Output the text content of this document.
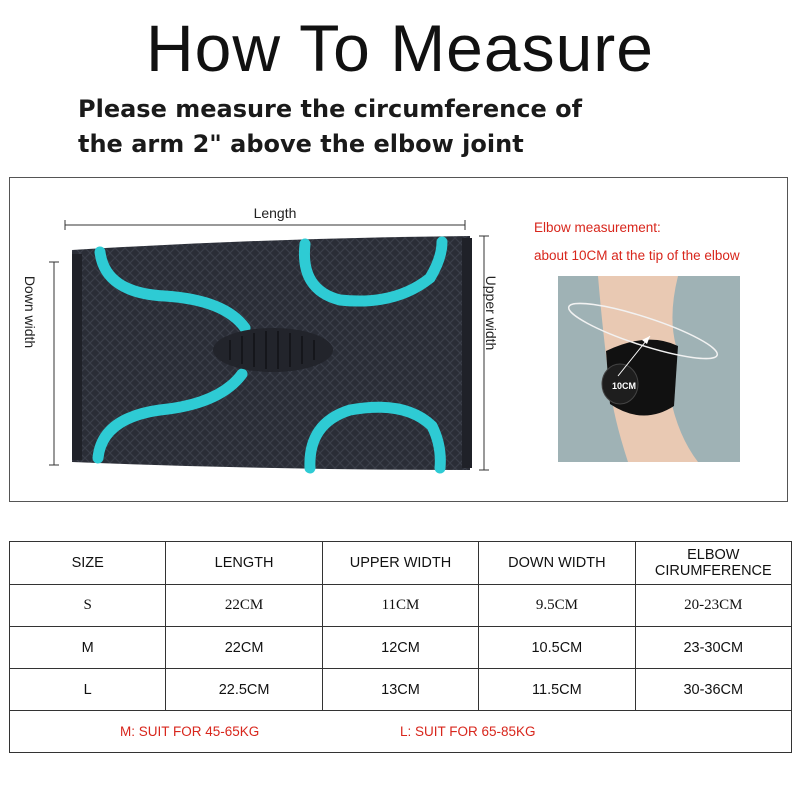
How To Measure
Please measure the circumference of
the arm 2" above the elbow joint
Length
Down width	Upper width
Elbow measurement:
about 10CM at the tip of the elbow
10CM
SIZE	LENGTH	UPPER WIDTH	DOWN WIDTH	ELBOW CIRUMFERENCE
S	22CM	11CM	9.5CM	20-23CM
M	22CM	12CM	10.5CM	23-30CM
L	22.5CM	13CM	11.5CM	30-36CM

M: SUIT FOR 45-65KG L: SUIT FOR 65-85KG				
